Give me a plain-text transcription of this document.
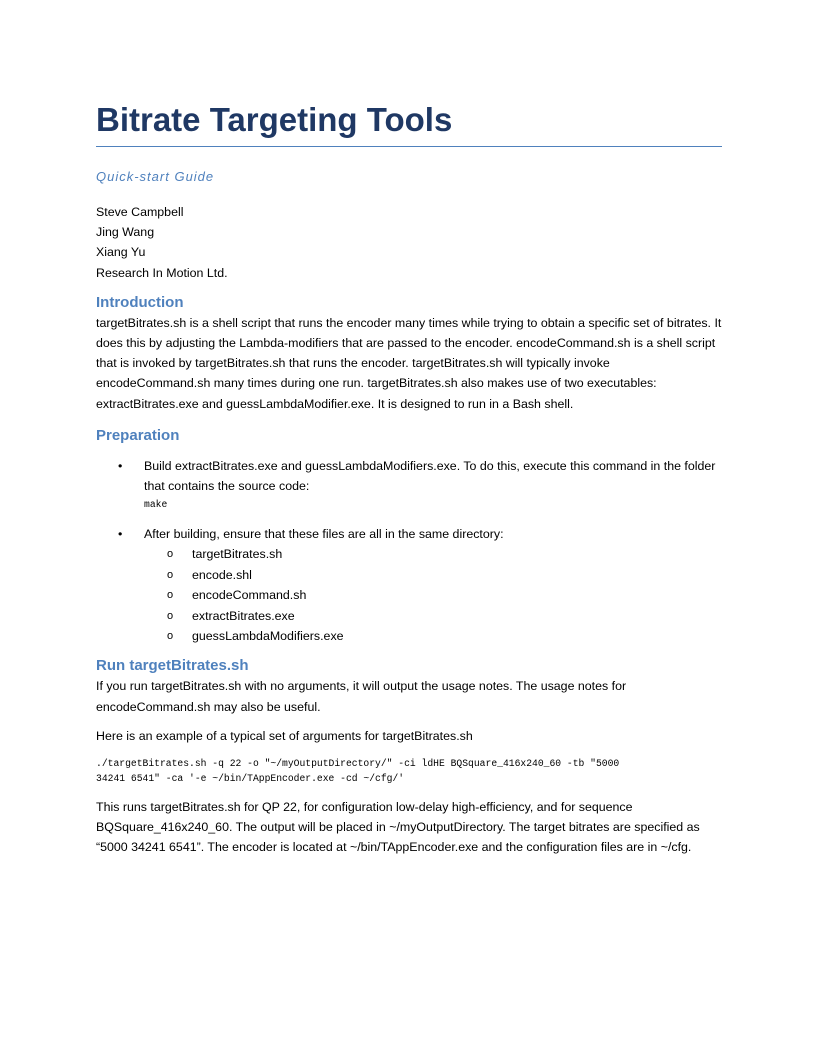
Bitrate Targeting Tools
Quick-start Guide
Steve Campbell
Jing Wang
Xiang Yu
Research In Motion Ltd.
Introduction

targetBitrates.sh is a shell script that runs the encoder many times while trying to obtain a specific set of bitrates. It does this by adjusting the Lambda-modifiers that are passed to the encoder. encodeCommand.sh is a shell script that is invoked by targetBitrates.sh that runs the encoder. targetBitrates.sh will typically invoke encodeCommand.sh many times during one run. targetBitrates.sh also makes use of two executables: extractBitrates.exe and guessLambdaModifier.exe. It is designed to run in a Bash shell.

Preparation
• Build extractBitrates.exe and guessLambdaModifiers.exe. To do this, execute this command in the folder that contains the source code:
make
• After building, ensure that these files are all in the same directory:
o targetBitrates.sh
o encode.shl
o encodeCommand.sh
o extractBitrates.exe
o guessLambdaModifiers.exe
Run targetBitrates.sh

If you run targetBitrates.sh with no arguments, it will output the usage notes. The usage notes for encodeCommand.sh may also be useful.

Here is an example of a typical set of arguments for targetBitrates.sh

./targetBitrates.sh -q 22 -o "~/myOutputDirectory/" -ci ldHE BQSquare_416x240_60 -tb "5000
34241 6541" -ca '-e ~/bin/TAppEncoder.exe -cd ~/cfg/'

This runs targetBitrates.sh for QP 22, for configuration low-delay high-efficiency, and for sequence BQSquare_416x240_60. The output will be placed in ~/myOutputDirectory. The target bitrates are specified as “5000 34241 6541”. The encoder is located at ~/bin/TAppEncoder.exe and the configuration files are in ~/cfg.
